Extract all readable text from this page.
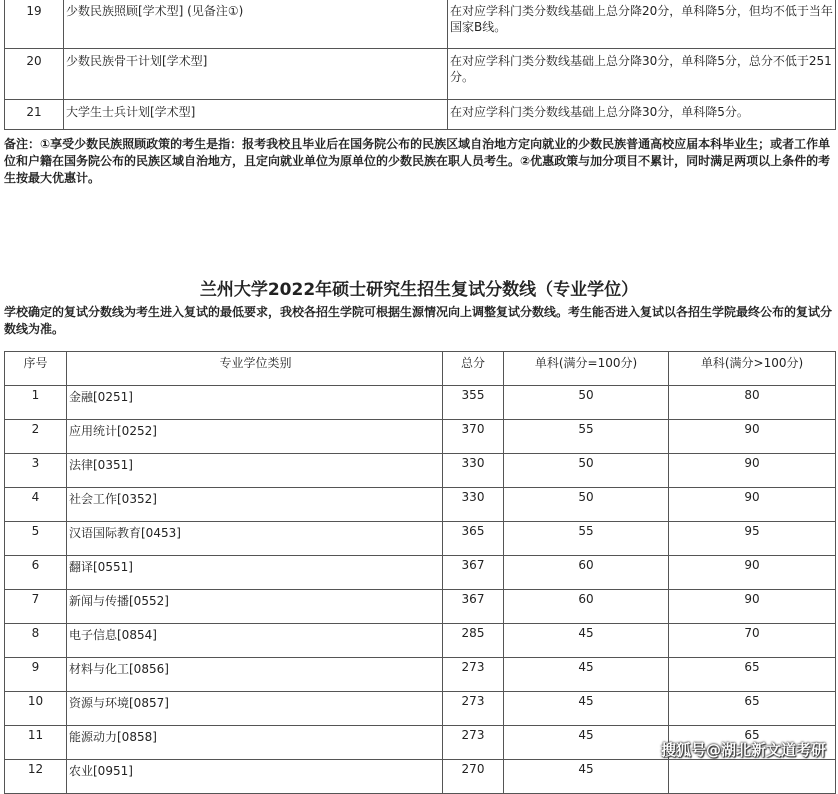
19	少数民族照顾[学术型] (见备注①)	在对应学科门类分数线基础上总分降20分，单科降5分，但均不低于当年国家B线。
20	少数民族骨干计划[学术型]	在对应学科门类分数线基础上总分降30分，单科降5分，总分不低于251分。
21	大学生士兵计划[学术型]	在对应学科门类分数线基础上总分降30分，单科降5分。
备注：①享受少数民族照顾政策的考生是指：报考我校且毕业后在国务院公布的民族区域自治地方定向就业的少数民族普通高校应届本科毕业生；或者工作单位和户籍在国务院公布的民族区域自治地方，且定向就业单位为原单位的少数民族在职人员考生。②优惠政策与加分项目不累计，同时满足两项以上条件的考生按最大优惠计。
兰州大学2022年硕士研究生招生复试分数线（专业学位）
学校确定的复试分数线为考生进入复试的最低要求，我校各招生学院可根据生源情况向上调整复试分数线。考生能否进入复试以各招生学院最终公布的复试分数线为准。
序号	专业学位类别	总分	单科(满分=100分)	单科(满分>100分)
1	金融[0251]	355	50	80
2	应用统计[0252]	370	55	90
3	法律[0351]	330	50	90
4	社会工作[0352]	330	50	90
5	汉语国际教育[0453]	365	55	95
6	翻译[0551]	367	60	90
7	新闻与传播[0552]	367	60	90
8	电子信息[0854]	285	45	70
9	材料与化工[0856]	273	45	65
10	资源与环境[0857]	273	45	65
11	能源动力[0858]	273	45	65
12	农业[0951]	270	45	
搜狐号@湖北新文道考研
